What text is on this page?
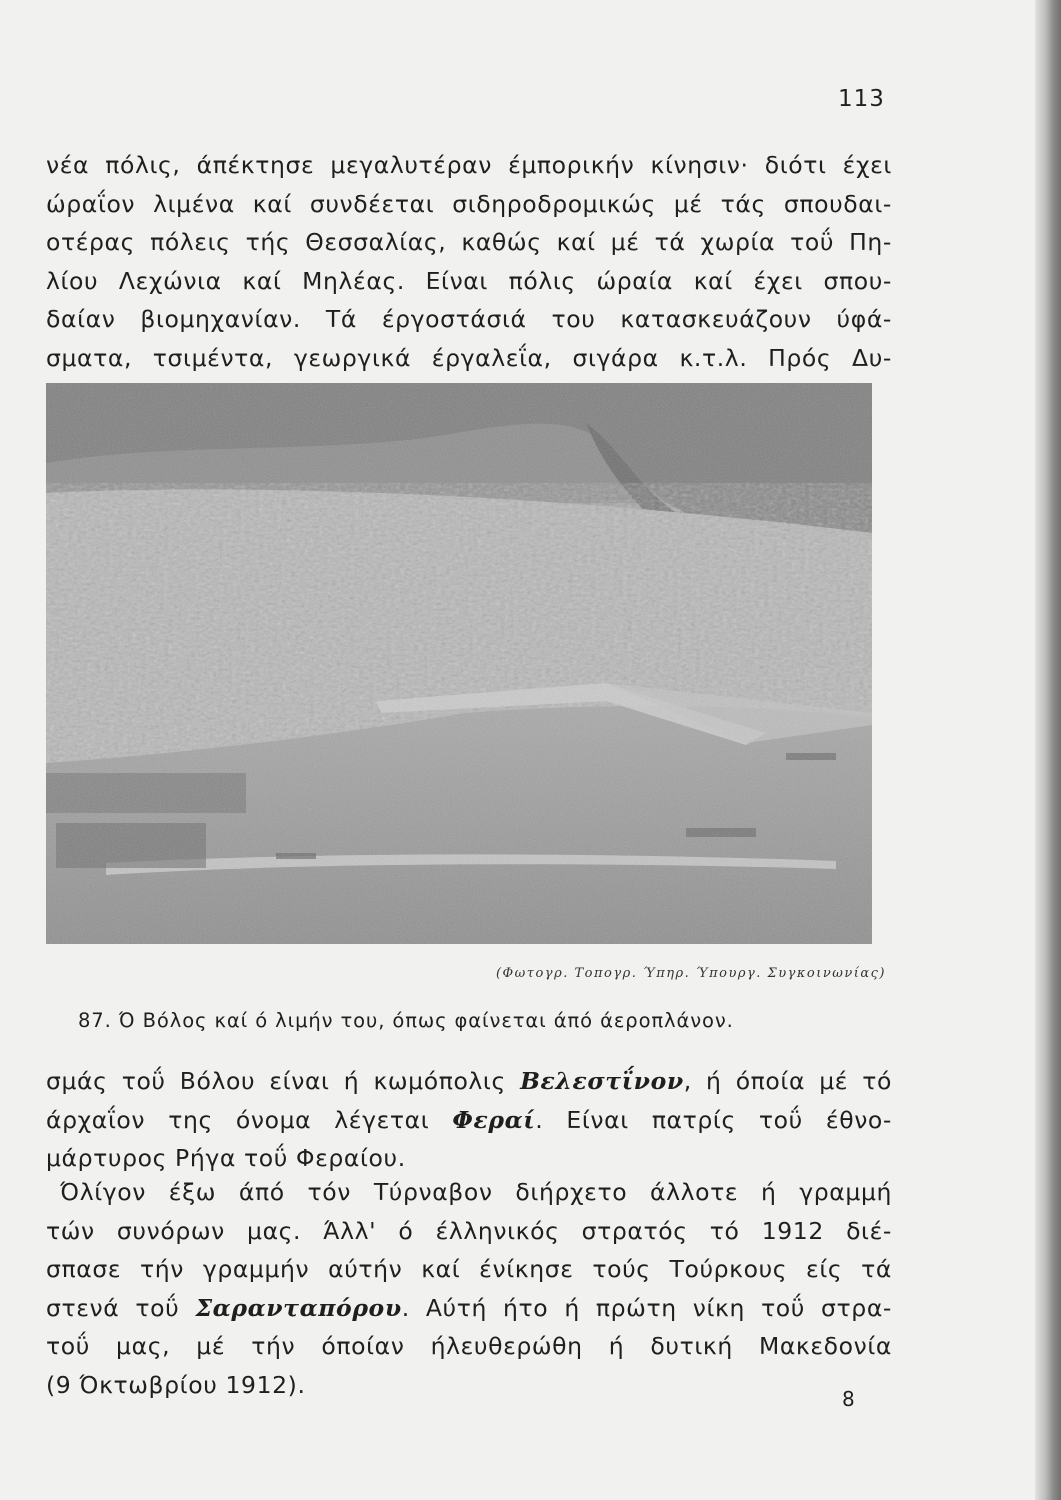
113
νέα πόλις, άπέκτησε μεγαλυτέραν έμπορικήν κίνησιν· διότι έχει
ώραΐον λιμένα καί συνδέεται σιδηροδρομικώς μέ τάς σπουδαι-
οτέρας πόλεις τής Θεσσαλίας, καθώς καί μέ τά χωρία τοΰ Πη-
λίου Λεχώνια καί Μηλέας. Είναι πόλις ώραία καί έχει σπου-
δαίαν βιομηχανίαν. Τά έργοστάσιά του κατασκευάζουν ύφά-
σματα, τσιμέντα, γεωργικά έργαλεΐα, σιγάρα κ.τ.λ. Πρός Δυ-
(Φωτογρ. Τοπογρ. Ύπηρ. Ύπουργ. Συγκοινωνίας)
87. Ό Βόλος καί ό λιμήν του, όπως φαίνεται άπό άεροπλάνον.
σμάς τοΰ Βόλου είναι ή κωμόπολις Βελεστΐνον, ή όποία μέ τό
άρχαΐον της όνομα λέγεται Φεραί. Είναι πατρίς τοΰ έθνο-
μάρτυρος Ρήγα τοΰ Φεραίου.
Όλίγον έξω άπό τόν Τύρναβον διήρχετο άλλοτε ή γραμμή
τών συνόρων μας. Άλλ' ό έλληνικός στρατός τό 1912 διέ-
σπασε τήν γραμμήν αύτήν καί ένίκησε τούς Τούρκους είς τά
στενά τοΰ Σαρανταπόρου. Αύτή ήτο ή πρώτη νίκη τοΰ στρα-
τοΰ μας, μέ τήν όποίαν ήλευθερώθη ή δυτική Μακεδονία
(9 Όκτωβρίου 1912).
8
